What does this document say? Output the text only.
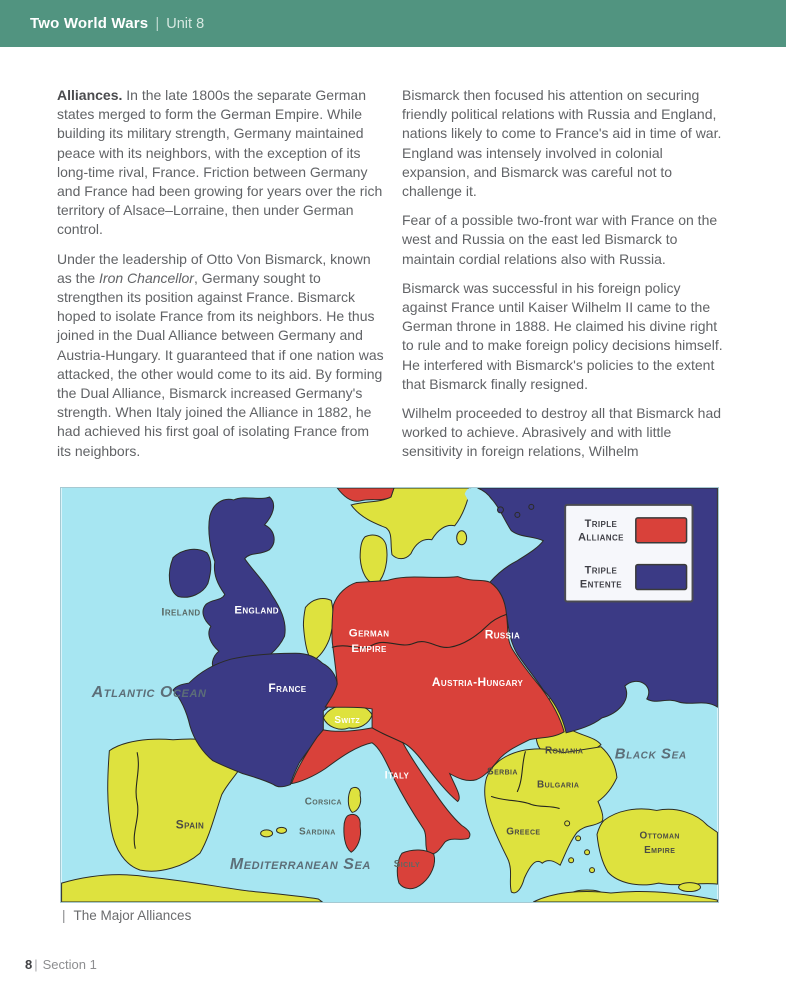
Two World Wars | Unit 8

Alliances. In the late 1800s the separate German states merged to form the German Empire. While building its military strength, Germany maintained peace with its neighbors, with the exception of its long-time rival, France. Friction between Germany and France had been growing for years over the rich territory of Alsace–Lorraine, then under German control.

Under the leadership of Otto Von Bismarck, known as the Iron Chancellor, Germany sought to strengthen its position against France. Bismarck hoped to isolate France from its neighbors. He thus joined in the Dual Alliance between Germany and Austria-Hungary. It guaranteed that if one nation was attacked, the other would come to its aid. By forming the Dual Alliance, Bismarck increased Germany's strength. When Italy joined the Alliance in 1882, he had achieved his first goal of isolating France from its neighbors.

Bismarck then focused his attention on securing friendly political relations with Russia and England, nations likely to come to France's aid in time of war. England was intensely involved in colonial expansion, and Bismarck was careful not to challenge it.

Fear of a possible two-front war with France on the west and Russia on the east led Bismarck to maintain cordial relations also with Russia.

Bismarck was successful in his foreign policy against France until Kaiser Wilhelm II came to the German throne in 1888. He claimed his divine right to rule and to make foreign policy decisions himself. He interfered with Bismarck's policies to the extent that Bismarck finally resigned.

Wilhelm proceeded to destroy all that Bismarck had worked to achieve. Abrasively and with little sensitivity in foreign relations, Wilhelm

Ireland	England
France
German
Empire
Russia
Austria-Hungary
Switz
Italy
Spain
Romania
Serbia
Bulgaria
Greece	Ottoman
Empire
Corsica
Sardina
Sicily
Atlantic Ocean
Mediterranean Sea
Black Sea
Triple
Alliance
Triple
Entente
| The Major Alliances
8 | Section 1
